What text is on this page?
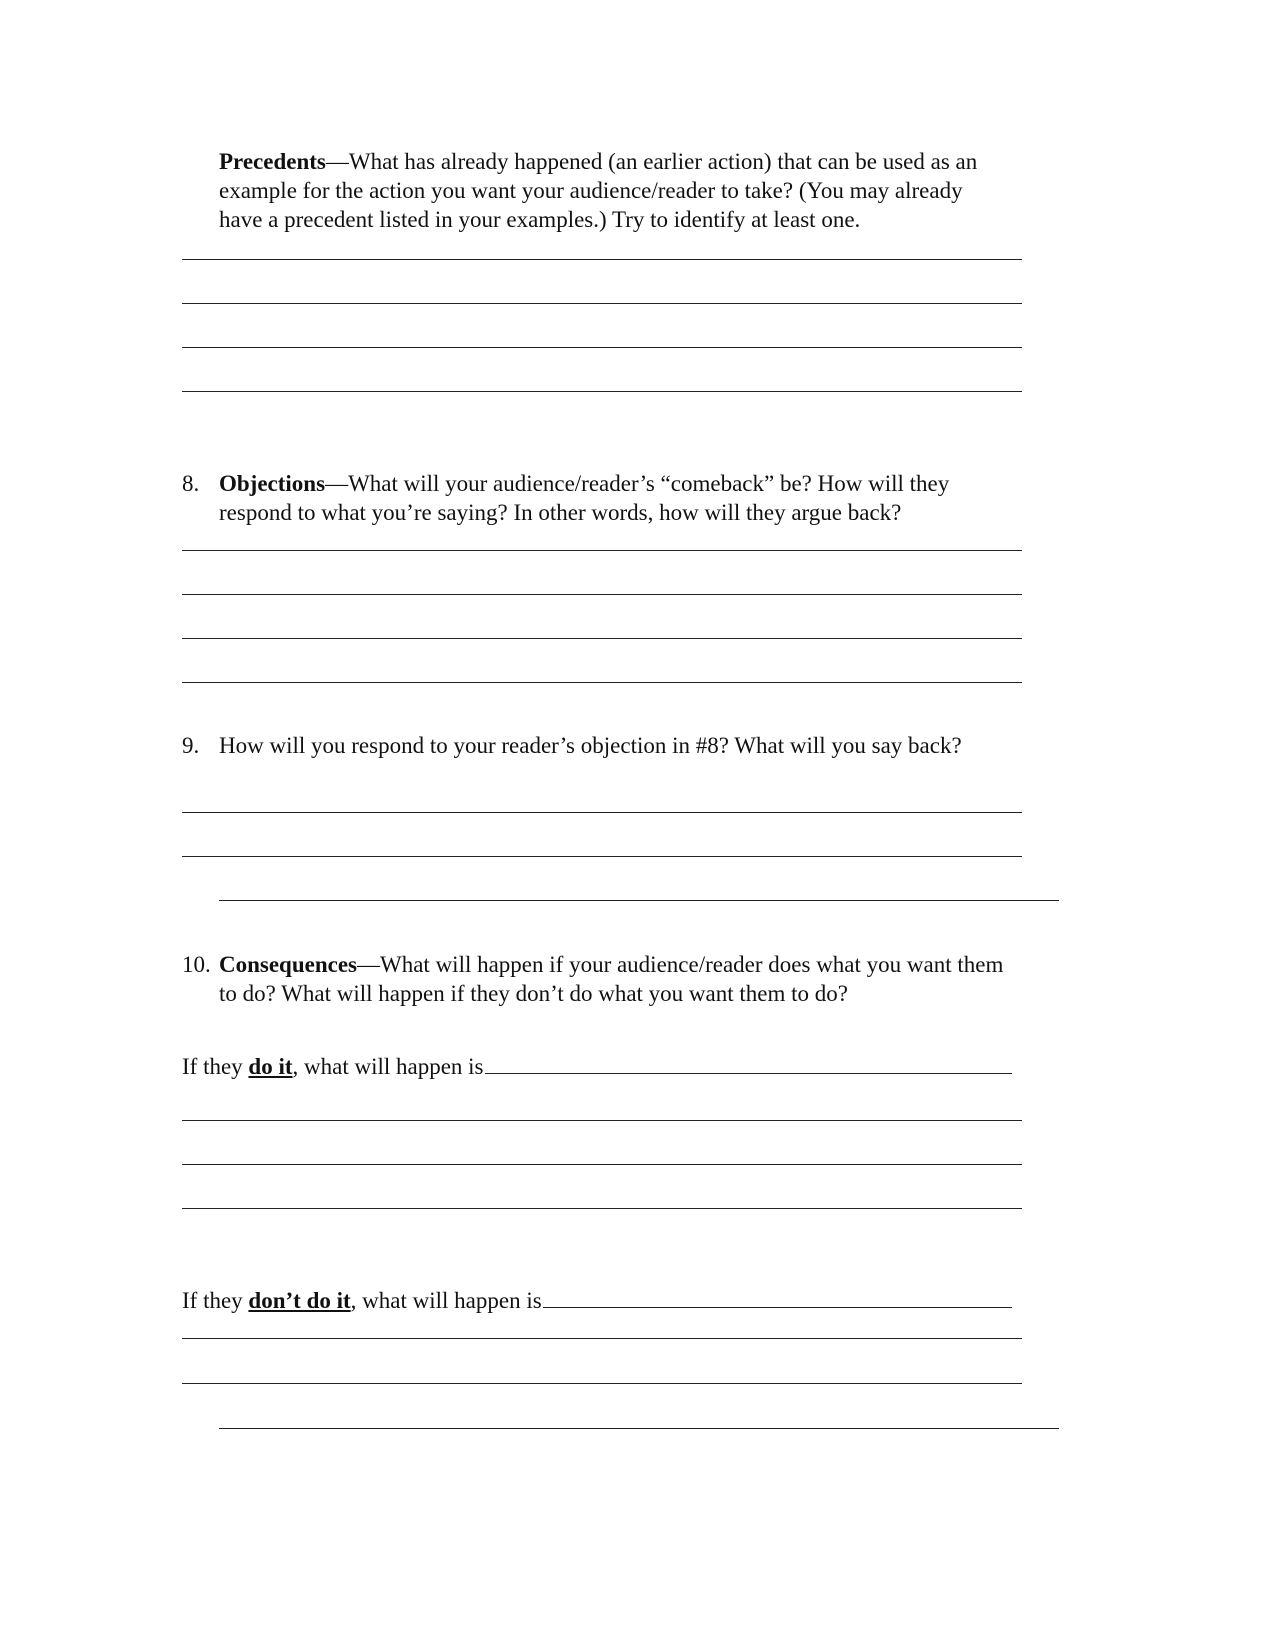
Precedents—What has already happened (an earlier action) that can be used as an
example for the action you want your audience/reader to take? (You may already
have a precedent listed in your examples.) Try to identify at least one.
8. Objections—What will your audience/reader’s “comeback” be? How will they
respond to what you’re saying? In other words, how will they argue back?
9. How will you respond to your reader’s objection in #8? What will you say back?
10. Consequences—What will happen if your audience/reader does what you want them
to do? What will happen if they don’t do what you want them to do?
If they do it , what will happen is
If they don’t do it , what will happen is
